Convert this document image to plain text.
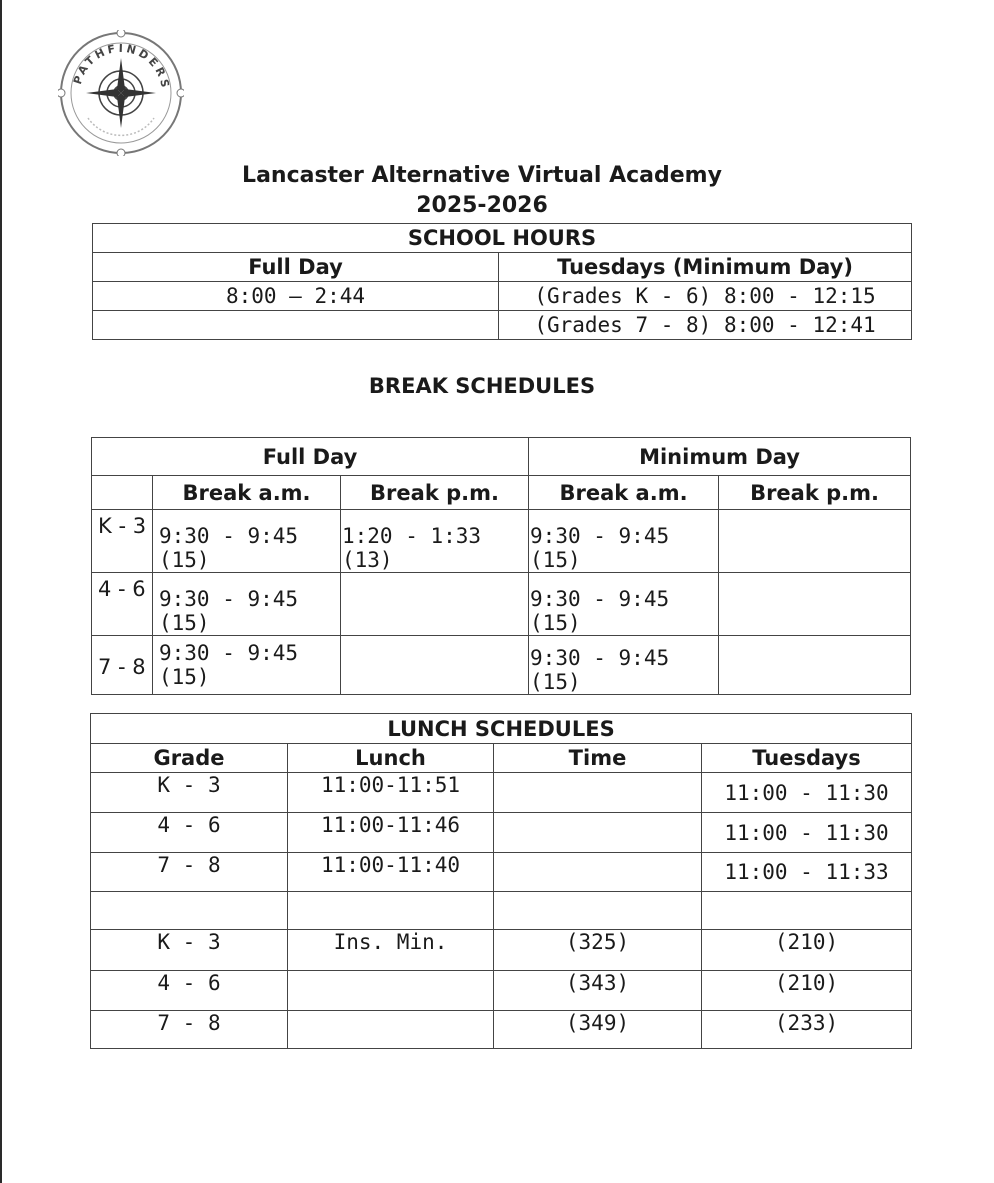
PATHFINDERS
Lancaster Alternative Virtual Academy
2025-2026
SCHOOL HOURS	
Full Day	Tuesdays (Minimum Day)
8:00 – 2:44	(Grades K - 6) 8:00 - 12:15
	(Grades 7 - 8) 8:00 - 12:41
BREAK SCHEDULES
Full Day			Minimum Day	
	Break a.m.	Break p.m.	Break a.m.	Break p.m.
K - 3	9:30 - 9:45 (15)	1:20 - 1:33 (13)	9:30 - 9:45 (15)	
4 - 6	9:30 - 9:45 (15)		9:30 - 9:45 (15)	
7 - 8	9:30 - 9:45 (15)		9:30 - 9:45 (15)	
LUNCH SCHEDULES			
Grade	Lunch	Time	Tuesdays
K - 3	11:00-11:51		11:00 - 11:30
4 - 6	11:00-11:46		11:00 - 11:30
7 - 8	11:00-11:40		11:00 - 11:33

K - 3	Ins. Min.	(325)	(210)
4 - 6		(343)	(210)
7 - 8		(349)	(233)
